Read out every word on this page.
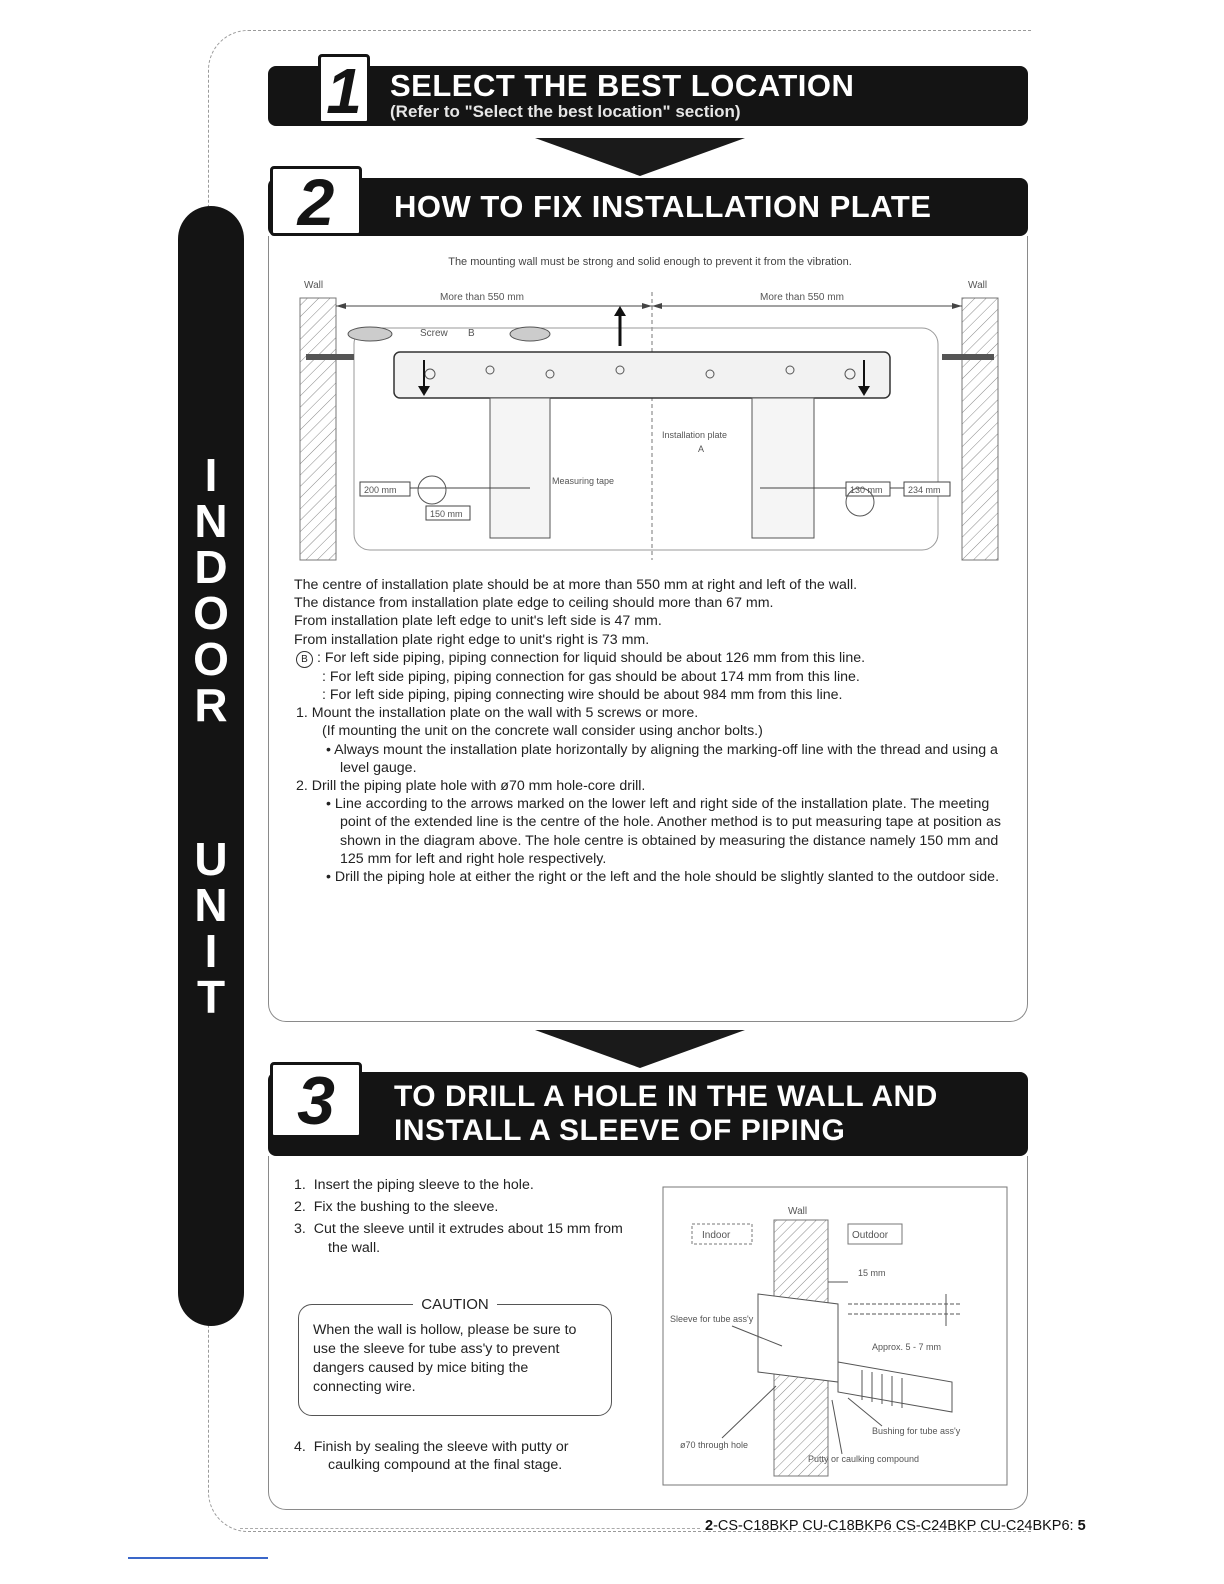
I
N
D
O
O
R
U
N
I
T
SELECT THE BEST LOCATION
(Refer to "Select the best location" section)
1
HOW TO FIX INSTALLATION PLATE
2
The mounting wall must be strong and solid enough to prevent it from the vibration.
Wall	Wall
More than 550 mm	More than 550 mm
Screw B
Installation plate
A
Measuring tape
200 mm
150 mm
130 mm	234 mm

The centre of installation plate should be at more than 550 mm at right and left of the wall.

The distance from installation plate edge to ceiling should more than 67 mm.

From installation plate left edge to unit's left side is 47 mm.

From installation plate right edge to unit's right is 73 mm.

B : For left side piping, piping connection for liquid should be about 126 mm from this line.

: For left side piping, piping connection for gas should be about 174 mm from this line.

: For left side piping, piping connecting wire should be about 984 mm from this line.

1. Mount the installation plate on the wall with 5 screws or more.

(If mounting the unit on the concrete wall consider using anchor bolts.)

• Always mount the installation plate horizontally by aligning the marking-off line with the thread and using a level gauge.

2. Drill the piping plate hole with ø70 mm hole-core drill.

• Line according to the arrows marked on the lower left and right side of the installation plate. The meeting point of the extended line is the centre of the hole. Another method is to put measuring tape at position as shown in the diagram above. The hole centre is obtained by measuring the distance namely 150 mm and 125 mm for left and right hole respectively.

• Drill the piping hole at either the right or the left and the hole should be slightly slanted to the outdoor side.

TO DRILL A HOLE IN THE WALL AND
INSTALL A SLEEVE OF PIPING
3

1. Insert the piping sleeve to the hole.

2. Fix the bushing to the sleeve.

3. Cut the sleeve until it extrudes about 15 mm from the wall.

CAUTION
When the wall is hollow, please be sure to use the sleeve for tube ass'y to prevent dangers caused by mice biting the connecting wire.
4. Finish by sealing the sleeve with putty or caulking compound at the final stage.
Wall
Indoor	Outdoor
15 mm
Approx. 5 - 7 mm
Sleeve for tube ass'y
ø70 through hole
Bushing for tube ass'y
Putty or caulking compound
2-CS-C18BKP CU-C18BKP6 CS-C24BKP CU-C24BKP6: 5
